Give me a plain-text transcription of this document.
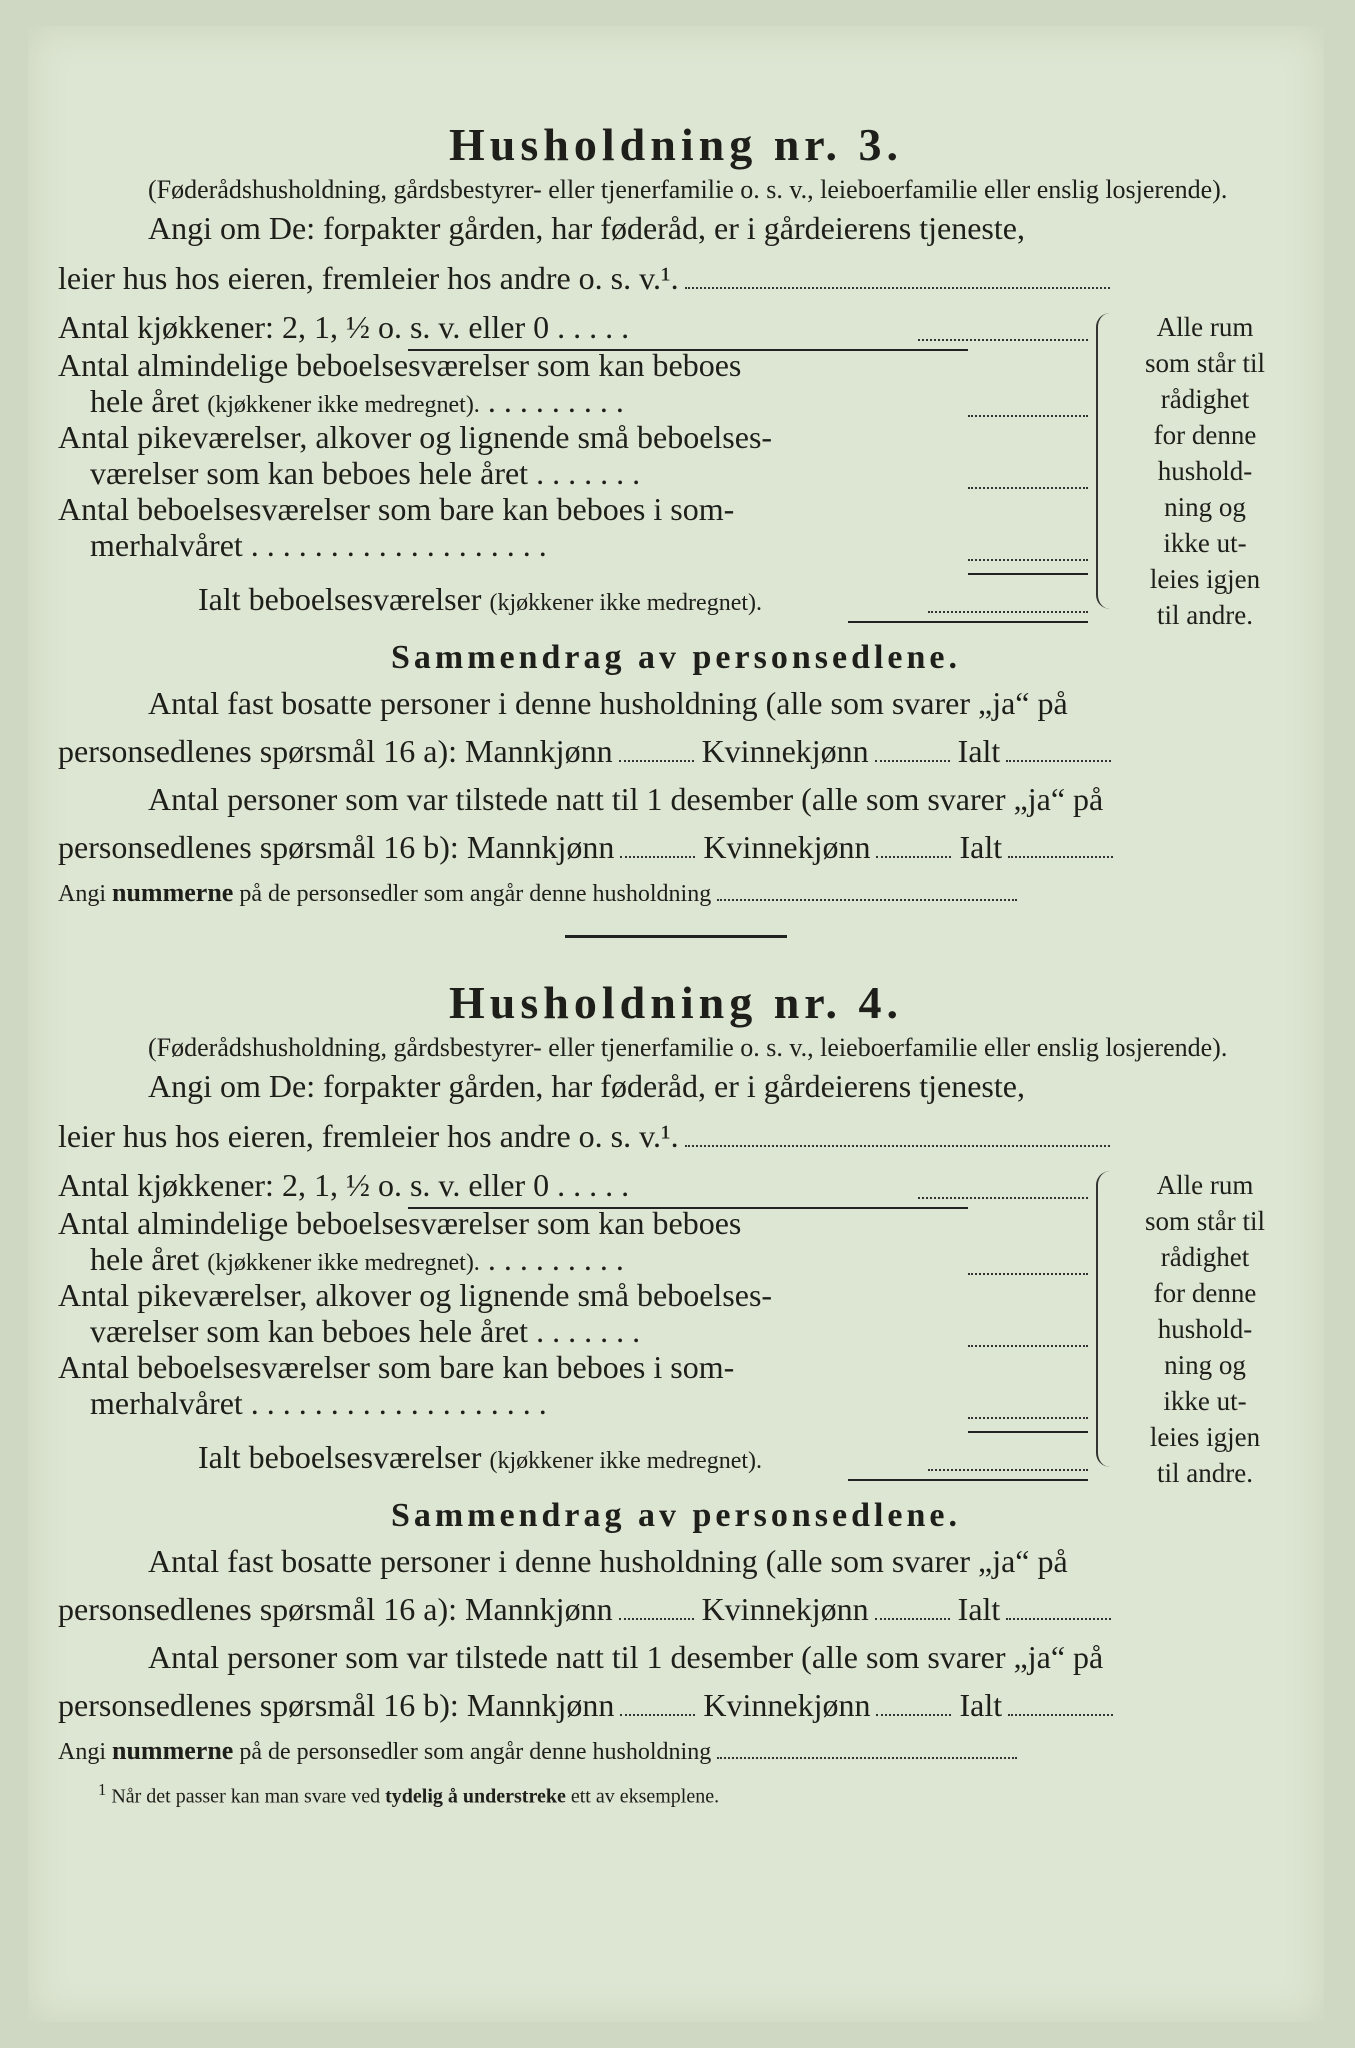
Husholdning nr. 3.
(Føderådshusholdning, gårdsbestyrer- eller tjenerfamilie o. s. v., leieboerfamilie eller enslig losjerende).
Angi om De: forpakter gården, har føderåd, er i gårdeierens tjeneste,
leier hus hos eieren, fremleier hos andre o. s. v.¹.
Antal kjøkkener: 2, 1, ½ o. s. v. eller 0 . . . . .
Antal almindelige beboelsesværelser som kan beboes
hele året (kjøkkener ikke medregnet). . . . . . . . . .
Antal pikeværelser, alkover og lignende små beboelses-
værelser som kan beboes hele året . . . . . . .
Antal beboelsesværelser som bare kan beboes i som-
merhalvåret . . . . . . . . . . . . . . . . . . .
Ialt beboelsesværelser (kjøkkener ikke medregnet).
Alle rum
som står til
rådighet
for denne
hushold-
ning og
ikke ut-
leies igjen
til andre.
Sammendrag av personsedlene.
Antal fast bosatte personer i denne husholdning (alle som svarer „ja“ på
personsedlenes spørsmål 16 a): Mannkjønn	Kvinnekjønn	Ialt
Antal personer som var tilstede natt til 1 desember (alle som svarer „ja“ på
personsedlenes spørsmål 16 b): Mannkjønn	Kvinnekjønn	Ialt
Angi nummerne på de personsedler som angår denne husholdning
Husholdning nr. 4.
(Føderådshusholdning, gårdsbestyrer- eller tjenerfamilie o. s. v., leieboerfamilie eller enslig losjerende).
Angi om De: forpakter gården, har føderåd, er i gårdeierens tjeneste,
leier hus hos eieren, fremleier hos andre o. s. v.¹.
Antal kjøkkener: 2, 1, ½ o. s. v. eller 0 . . . . .
Antal almindelige beboelsesværelser som kan beboes
hele året (kjøkkener ikke medregnet). . . . . . . . . .
Antal pikeværelser, alkover og lignende små beboelses-
værelser som kan beboes hele året . . . . . . .
Antal beboelsesværelser som bare kan beboes i som-
merhalvåret . . . . . . . . . . . . . . . . . . .
Ialt beboelsesværelser (kjøkkener ikke medregnet).
Alle rum
som står til
rådighet
for denne
hushold-
ning og
ikke ut-
leies igjen
til andre.
Sammendrag av personsedlene.
Antal fast bosatte personer i denne husholdning (alle som svarer „ja“ på
personsedlenes spørsmål 16 a): Mannkjønn	Kvinnekjønn	Ialt
Antal personer som var tilstede natt til 1 desember (alle som svarer „ja“ på
personsedlenes spørsmål 16 b): Mannkjønn	Kvinnekjønn	Ialt
Angi nummerne på de personsedler som angår denne husholdning
$^1$ Når det passer kan man svare ved tydelig å understreke ett av eksemplene.
